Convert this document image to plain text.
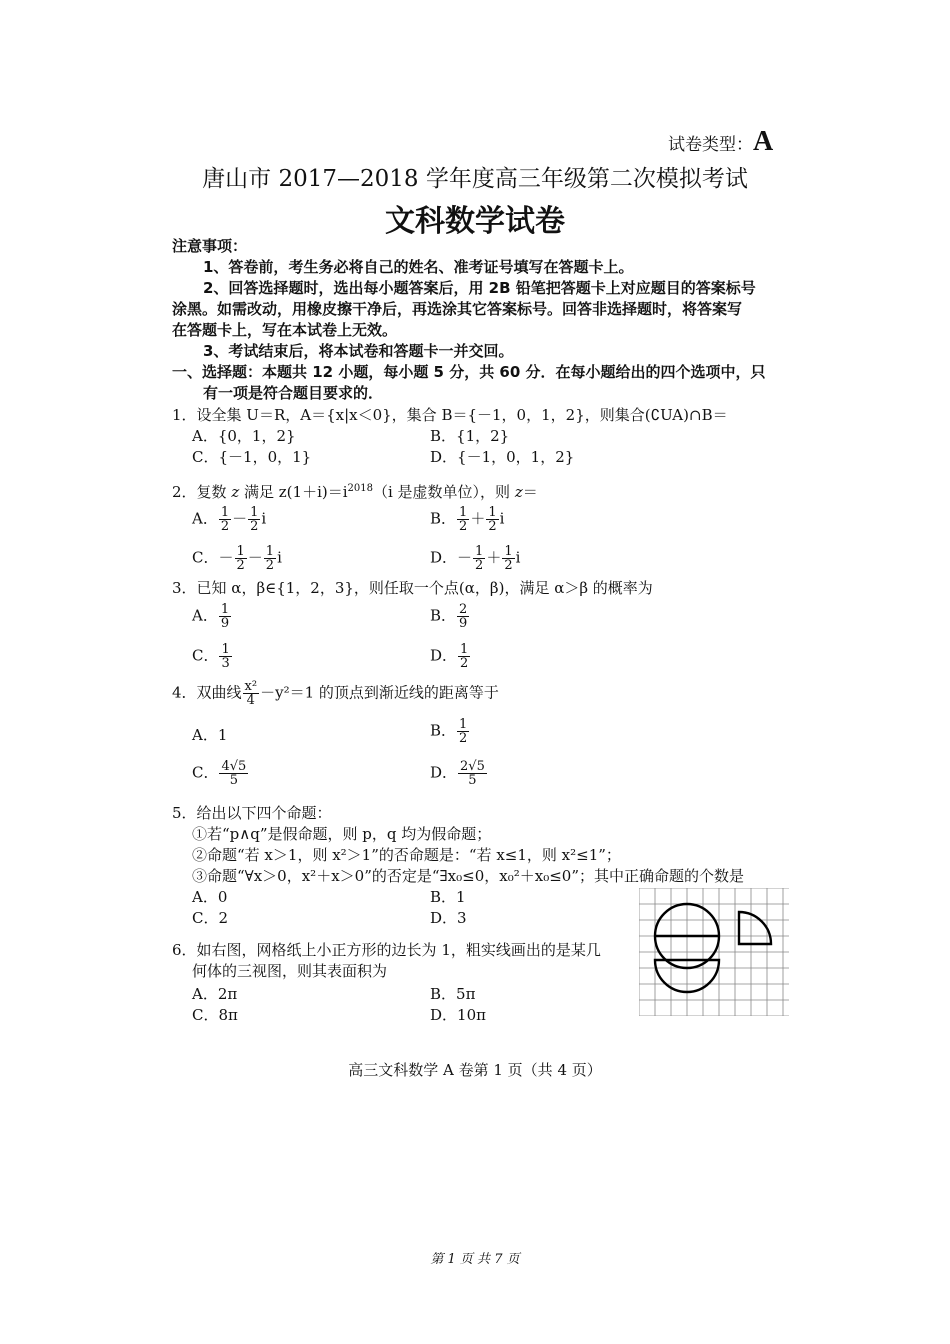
试卷类型：A
唐山市 2017—2018 学年度高三年级第二次模拟考试
文科数学试卷
注意事项：
1、答卷前，考生务必将自己的姓名、准考证号填写在答题卡上。
2、回答选择题时，选出每小题答案后，用 2B 铅笔把答题卡上对应题目的答案标号
涂黑。如需改动，用橡皮擦干净后，再选涂其它答案标号。回答非选择题时，将答案写
在答题卡上，写在本试卷上无效。
3、考试结束后，将本试卷和答题卡一并交回。
一、选择题：本题共 12 小题，每小题 5 分，共 60 分．在每小题给出的四个选项中，只
有一项是符合题目要求的．
1．设全集 U＝R，A＝{x|x＜0}，集合 B＝{－1，0，1，2}，则集合(∁UA)∩B＝
A．{0，1，2}	B．{1，2}
C．{－1，0，1}	D．{－1，0，1，2}
2．复数 z 满足 $z(1+i)=i^{2018}(i$ 是虚数单位），则 z＝
A． $\frac{1}{2} - \frac{1}{2}$ i	B． $\frac{1}{2} + \frac{1}{2}$ i
C．－ $\frac{1}{2} - \frac{1}{2}$ i	D．－ $\frac{1}{2} + \frac{1}{2}$ i
3．已知 α，β∈{1，2，3}，则任取一个点(α，β)，满足 α＞β 的概率为
A． $\frac{1}{9}$	B． $\frac{2}{9}$
C． $\frac{1}{3}$	D． $\frac{1}{2}$
4．双曲线 $\frac{\text{x²}}{4} -y^2=1$ 的顶点到渐近线的距离等于
A．1	B． $\frac{1}{2}$
C． $\frac{4√5}{5}$	D． $\frac{2√5}{5}$
5．给出以下四个命题：
①若“p∧q”是假命题，则 p，q 均为假命题；
②命题“若 x＞1，则 x²＞1”的否命题是：“若 x≤1，则 x²≤1”；
③命题“∀x＞0，x²＋x＞0”的否定是“∃x₀≤0，x₀²＋x₀≤0”；其中正确命题的个数是
A．0	B．1
C．2	D．3
6．如右图，网格纸上小正方形的边长为 1，粗实线画出的是某几
何体的三视图，则其表面积为
A．2π	B．5π
C．8π	D．10π
高三文科数学 A 卷第 1 页（共 4 页）
第 1 页 共 7 页
